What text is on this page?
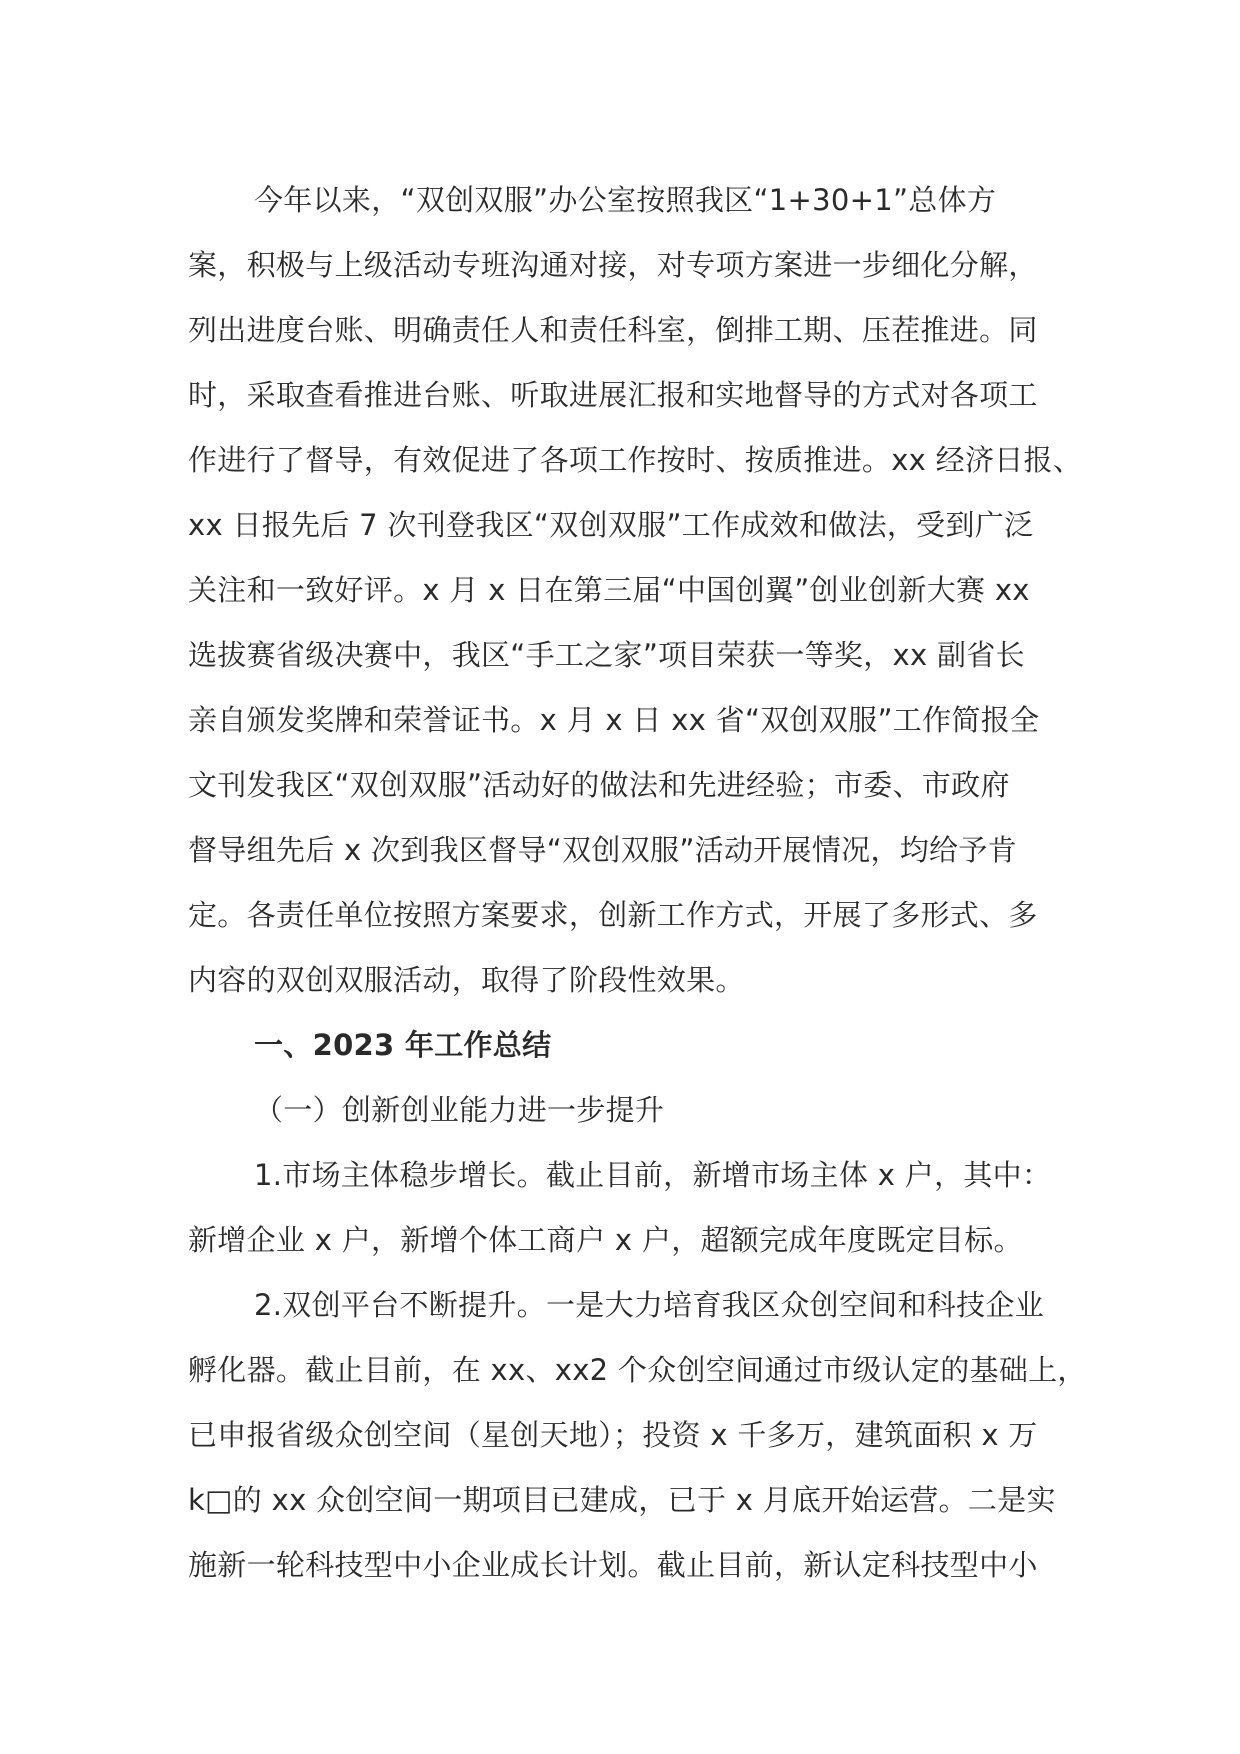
今年以来，“双创双服”办公室按照我区“1+30+1”总体方
案，积极与上级活动专班沟通对接，对专项方案进一步细化分解，
列出进度台账、明确责任人和责任科室，倒排工期、压茬推进。同
时，采取查看推进台账、听取进展汇报和实地督导的方式对各项工
作进行了督导，有效促进了各项工作按时、按质推进。xx 经济日报、
xx 日报先后 7 次刊登我区“双创双服”工作成效和做法，受到广泛
关注和一致好评。x 月 x 日在第三届“中国创翼”创业创新大赛 xx
选拔赛省级决赛中，我区“手工之家”项目荣获一等奖，xx 副省长
亲自颁发奖牌和荣誉证书。x 月 x 日 xx 省“双创双服”工作简报全
文刊发我区“双创双服”活动好的做法和先进经验；市委、市政府
督导组先后 x 次到我区督导“双创双服”活动开展情况，均给予肯
定。各责任单位按照方案要求，创新工作方式，开展了多形式、多
内容的双创双服活动，取得了阶段性效果。
一、2023 年工作总结
（一）创新创业能力进一步提升
1.市场主体稳步增长。截止目前，新增市场主体 x 户，其中：
新增企业 x 户，新增个体工商户 x 户，超额完成年度既定目标。
2.双创平台不断提升。一是大力培育我区众创空间和科技企业
孵化器。截止目前，在 xx、xx2 个众创空间通过市级认定的基础上，
已申报省级众创空间（星创天地）；投资 x 千多万，建筑面积 x 万
k□的 xx 众创空间一期项目已建成，已于 x 月底开始运营。二是实
施新一轮科技型中小企业成长计划。截止目前，新认定科技型中小
